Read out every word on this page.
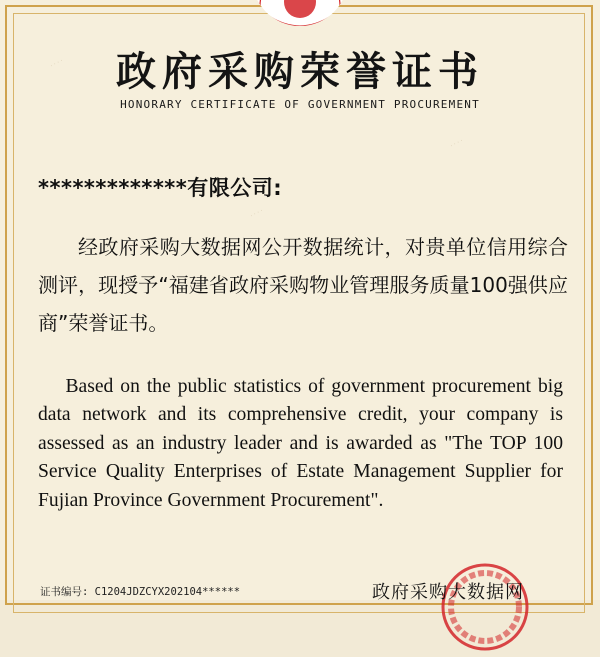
· · · ·
· · · ·
· · · ·
政府采购荣誉证书
HONORARY CERTIFICATE OF GOVERNMENT PROCUREMENT
*************有限公司:
经政府采购大数据网公开数据统计，对贵单位信用综合测评，现授予“福建省政府采购物业管理服务质量100强供应商”荣誉证书。
Based on the public statistics of government procurement big data network and its comprehensive credit, your company is assessed as an industry leader and is awarded as "The TOP 100 Service Quality Enterprises of Estate Management Supplier for Fujian Province Government Procurement".
证书编号: C1204JDZCYX202104******	政府采购大数据网
